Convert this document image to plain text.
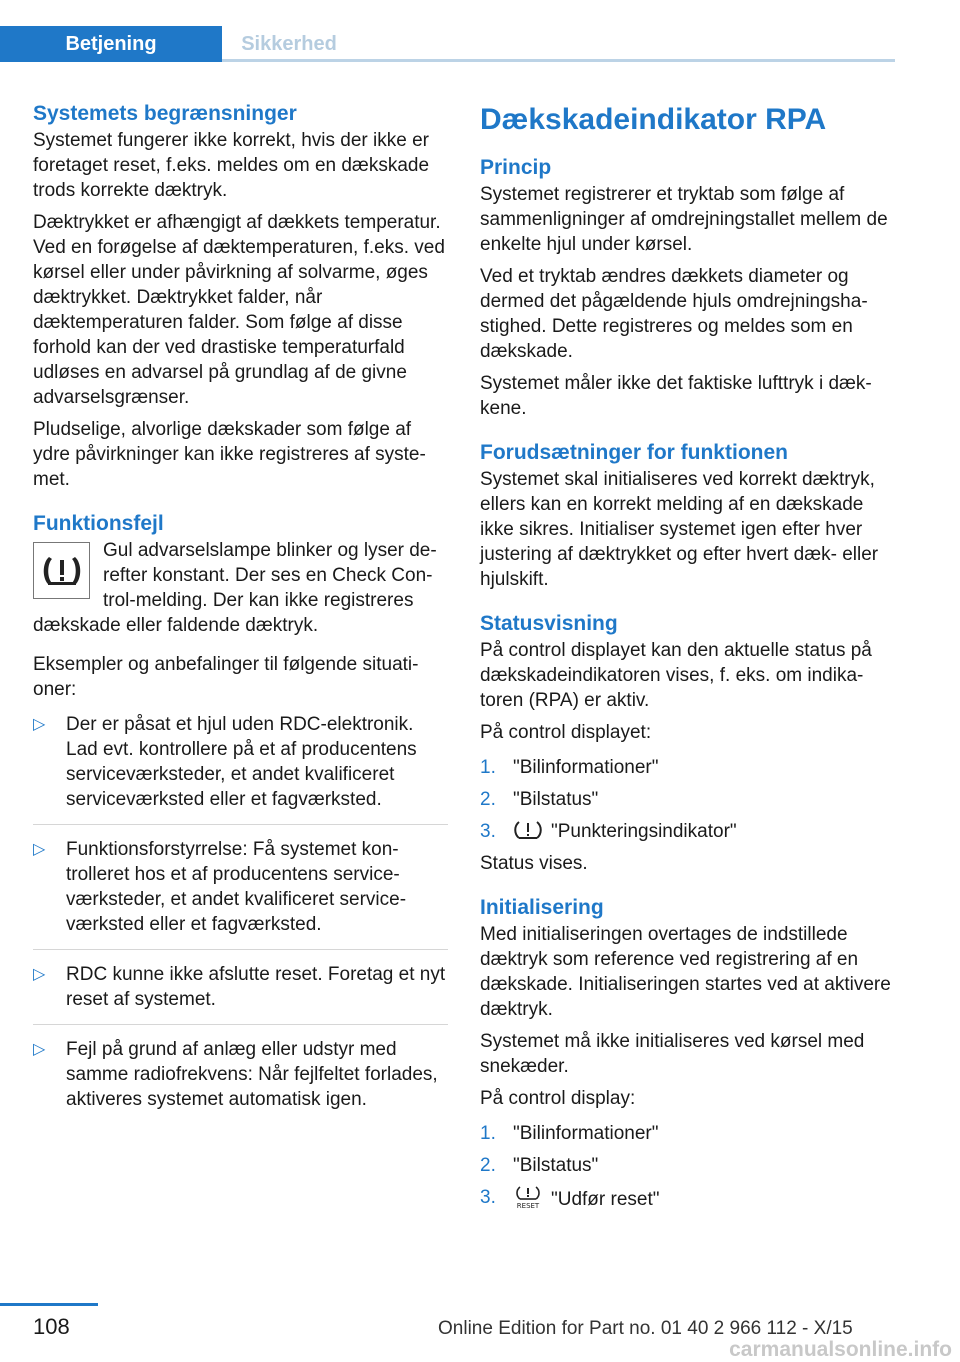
Betjening	Sikkerhed
Systemets begrænsninger

Systemet fungerer ikke korrekt, hvis der ikke er foretaget reset, f.eks. meldes om en dækskade trods korrekte dæktryk.

Dæktrykket er afhængigt af dækkets temperatur. Ved en forøgelse af dæktemperaturen, f.eks. ved kørsel eller under påvirkning af solvarme, øges dæktrykket. Dæktrykket falder, når dæktemperaturen falder. Som følge af disse forhold kan der ved drastiske temperaturfald udløses en advarsel på grundlag af de givne advarselsgrænser.

Pludselige, alvorlige dækskader som følge af ydre påvirkninger kan ikke registreres af systemet.

Funktionsfejl

Gul advarselslampe blinker og lyser derefter konstant. Der ses en Check Control-melding. Der kan ikke registreres dækskade eller faldende dæktryk.

Eksempler og anbefalinger til følgende situationer:

▷ Der er påsat et hjul uden RDC-elektronik. Lad evt. kontrollere på et af producentens serviceværksteder, et andet kvalificeret serviceværksted eller et fagværksted.
▷ Funktionsforstyrrelse: Få systemet kontrolleret hos et af producentens serviceværksteder, et andet kvalificeret serviceværksted eller et fagværksted.
▷ RDC kunne ikke afslutte reset. Foretag et nyt reset af systemet.
▷ Fejl på grund af anlæg eller udstyr med samme radiofrekvens: Når fejlfeltet forlades, aktiveres systemet automatisk igen.
Dækskadeindikator RPA
Princip

Systemet registrerer et tryktab som følge af sammenligninger af omdrejningstallet mellem de enkelte hjul under kørsel.

Ved et tryktab ændres dækkets diameter og dermed det pågældende hjuls omdrejningshastighed. Dette registreres og meldes som en dækskade.

Systemet måler ikke det faktiske lufttryk i dækkene.

Forudsætninger for funktionen

Systemet skal initialiseres ved korrekt dæktryk, ellers kan en korrekt melding af en dækskade ikke sikres. Initialiser systemet igen efter hver justering af dæktrykket og efter hvert dæk- eller hjulskift.

Statusvisning

På control displayet kan den aktuelle status på dækskadeindikatoren vises, f. eks. om indikatoren (RPA) er aktiv.

På control displayet:

1. "Bilinformationer"
2. "Bilstatus"
3.	"Punkteringsindikator"

Status vises.

Initialisering

Med initialiseringen overtages de indstillede dæktryk som reference ved registrering af en dækskade. Initialiseringen startes ved at aktivere dæktryk.

Systemet må ikke initialiseres ved kørsel med snekæder.

På control display:

1. "Bilinformationer"
2. "Bilstatus"
3.	RESET "Udfør reset"
108	Online Edition for Part no. 01 40 2 966 112 - X/15
carmanualsonline.info
